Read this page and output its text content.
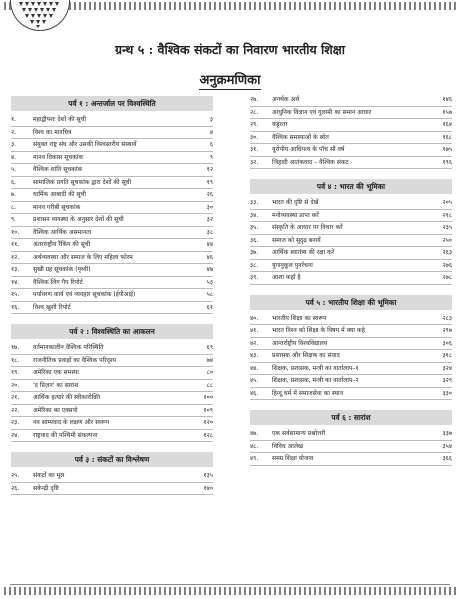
ग्रन्थ ५ : वैश्विक संकटों का निवारण भारतीय शिक्षा
अनुक्रमणिका
पर्व १ : अन्तर्जाल पर विश्वस्थिति
१.	महाद्वीपशः देशों की सूची	३
२.	विश्व का मानचित्र	४
३.	संयुक्त राष्ट्र संघ और उसकी विश्वस्तरीय संस्थायें	६
४.	मानव विकास सूचकांक	९
५.	वैश्विक शांति सूचकांक	१२
६.	सामाजिक प्रगति सूचकांक द्वारा देशों की सूची	१९
७.	धार्मिक आबादी की सूची	२६
८.	मानव गरीबी सूचकांक	३०
९.	प्रशासन व्यवस्था के अनुसार देशों की सूची	३२
१०.	वैश्विक आर्थिक असमानता	३८
११.	अंतरराष्ट्रीय रैंकिंग की सूची	४४
१२.	अर्थव्यवस्था और समाज के लिए महिला फोरम	४६
१३.	सुखी ग्रह सूचकांक (पृथ्वी)	४७
१४.	वैश्विक लिंग गैप रिपोर्ट	५३
१५.	पर्यावरण कार्य एवं व्यवहार सूचकांक (ईपीआई)	५८
१६.	विश्व खुशी रिपोर्ट	६१
पर्व २ : विश्वस्थिति का आकलन
१७.	वर्तमानकालीन वैश्विक परिस्थिति	६९
१८.	राजनीतिक प्रवाहों का वैश्विक परिदृश्य	७४
१९.	अमेरिका एक समस्या	८०
२०.	'द प्रिज़न' का सारांश	८८
२१.	आर्थिक हत्यारे की स्वीकारोक्ति	१००
२२.	अमेरिका का एक्सपो	१०९
२३.	नव साम्यवाद के लक्षण और स्वरूप	१२०
२४.	राष्ट्रवाद की पश्चिमी संकल्पना	१२८
पर्व ३ : संकटों का विश्लेषण
२५.	संकटों का मूल	१३५
२६.	सकेन्द्री दृष्टि	१४०
२७.	अनर्थक अर्थ	१४६
२८.	आधुनिक विज्ञान एवं गुलामी का समान आधार	१५७
२९.	कट्टरता	१६४
३०.	वैश्विक समस्याओं के स्रोत	१६८
३१.	यूरोपीय आधिपत्य के पाँच सौ वर्ष	१७५
३२.	जिहादी आतंकवाद – वैश्विक संकट	१९६
पर्व ४ : भारत की भूमिका
३३.	भारत की दृष्टि से देखें	२०५
३४.	मनोव्यवस्था प्राप्त करें	२१८
३५.	संस्कृति के आधार पर विचार करें	२३५
३६.	समाज को सुदृढ़ बनायें	२५०
३७.	आर्थिक स्वातंत्र्य की रक्षा करें	२६३
३८.	युगानुकूल पुनर्रचना	२७६
३९.	आशा कहाँ है	२७८
पर्व ५ : भारतीय शिक्षा की भूमिका
४०.	भारतीय शिक्षा का स्वरूप	२८३
४१.	भारत विश्व को शिक्षा के विषय में क्या कहे	२९७
४२.	आन्तर्राष्ट्रीय विश्वविद्यालय	३०६
४३.	प्रशासक और शिक्षक का संवाद	३१८
४४.	शिक्षक, प्रशासक, मन्त्री का वार्तालाप–१	३२४
४५.	शिक्षक, प्रशासक, मन्त्री का वार्तालाप–२	३२९
४६.	हिन्दू धर्म में समाजसेवा का स्थान	३३०
पर्व ६ : सारांश
४७.	एक सर्वसामान्य प्रश्नोत्तरी	३३७
४८.	विविध आलेख	३५४
४९.	समग्र शिक्षा योजना	३६६
